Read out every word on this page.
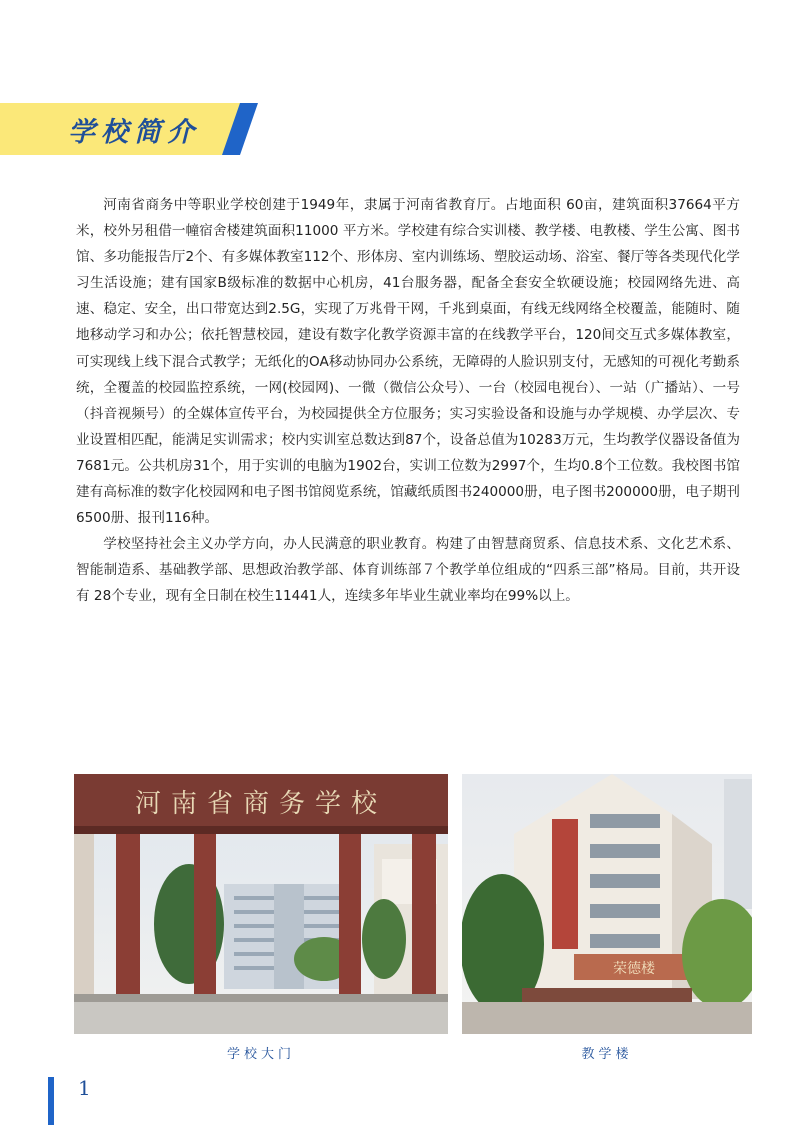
学校简介

河南省商务中等职业学校创建于1949年，隶属于河南省教育厅。占地面积 60亩，建筑面积37664平方米，校外另租借一幢宿舍楼建筑面积11000 平方米。学校建有综合实训楼、教学楼、电教楼、学生公寓、图书馆、多功能报告厅2个、有多媒体教室112个、形体房、室内训练场、塑胶运动场、浴室、餐厅等各类现代化学习生活设施；建有国家B级标准的数据中心机房，41台服务器，配备全套安全软硬设施；校园网络先进、高速、稳定、安全，出口带宽达到2.5G，实现了万兆骨干网，千兆到桌面，有线无线网络全校覆盖，能随时、随地移动学习和办公；依托智慧校园，建设有数字化教学资源丰富的在线教学平台，120间交互式多媒体教室，可实现线上线下混合式教学；无纸化的OA移动协同办公系统，无障碍的人脸识别支付，无感知的可视化考勤系统，全覆盖的校园监控系统，一网(校园网)、一微（微信公众号）、一台（校园电视台）、一站（广播站）、一号（抖音视频号）的全媒体宣传平台，为校园提供全方位服务；实习实验设备和设施与办学规模、办学层次、专业设置相匹配，能满足实训需求；校内实训室总数达到87个，设备总值为10283万元，生均教学仪器设备值为7681元。公共机房31个，用于实训的电脑为1902台，实训工位数为2997个，生均0.8个工位数。我校图书馆建有高标准的数字化校园网和电子图书馆阅览系统，馆藏纸质图书240000册，电子图书200000册，电子期刊6500册、报刊116种。

学校坚持社会主义办学方向，办人民满意的职业教育。构建了由智慧商贸系、信息技术系、文化艺术系、智能制造系、基础教学部、思想政治教学部、体育训练部７个教学单位组成的“四系三部”格局。目前，共开设有 28个专业，现有全日制在校生11441人，连续多年毕业生就业率均在99%以上。

河南省商务学校
学校大门
荣德楼
教学楼
1
